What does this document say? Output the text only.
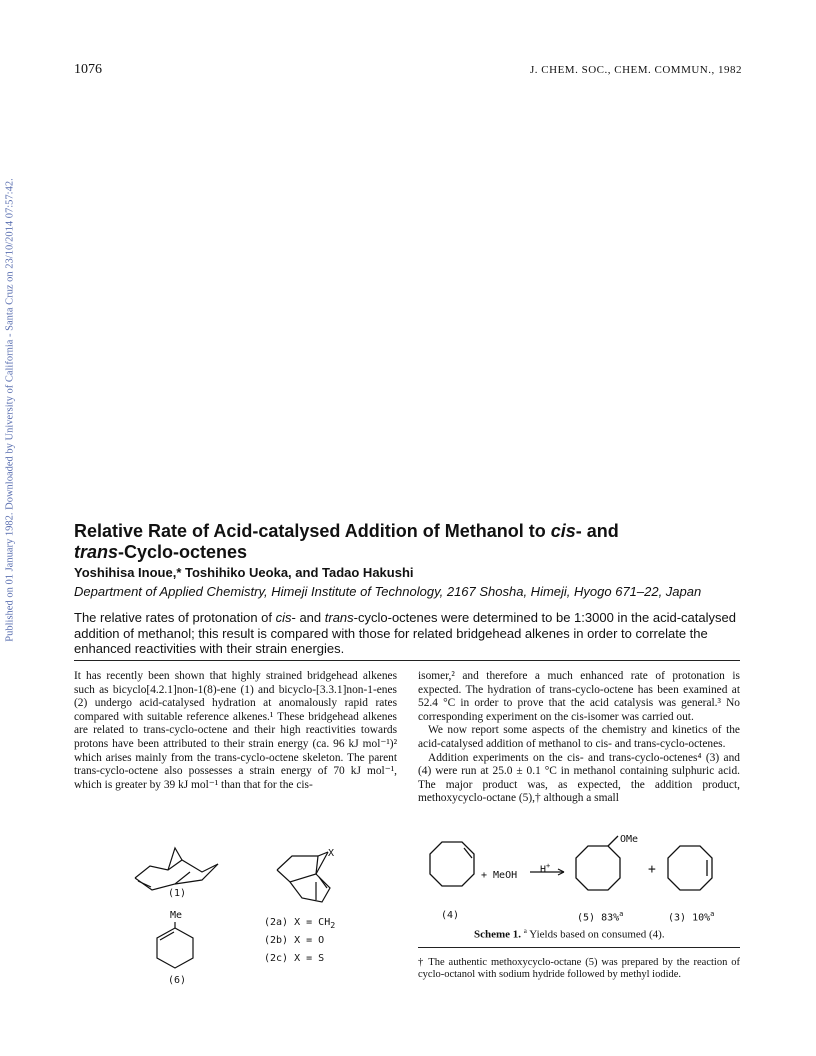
1076	J. CHEM. SOC., CHEM. COMMUN., 1982
Published on 01 January 1982. Downloaded by University of California - Santa Cruz on 23/10/2014 07:57:42.	Relative Rate of Acid-catalysed Addition of Methanol to cis- and
trans-Cyclo-octenes
Yoshihisa Inoue,* Toshihiko Ueoka, and Tadao Hakushi
Department of Applied Chemistry, Himeji Institute of Technology, 2167 Shosha, Himeji, Hyogo 671–22, Japan
The relative rates of protonation of cis- and trans-cyclo-octenes were determined to be 1:3000 in the acid-catalysed addition of methanol; this result is compared with those for related bridgehead alkenes in order to correlate the enhanced reactivities with their strain energies.

It has recently been shown that highly strained bridgehead alkenes such as bicyclo[4.2.1]non-1(8)-ene (1) and bicyclo-[3.3.1]non-1-enes (2) undergo acid-catalysed hydration at anomalously rapid rates compared with suitable reference alkenes.¹ These bridgehead alkenes are related to trans-cyclo-octene and their high reactivities towards protons have been attributed to their strain energy (ca. 96 kJ mol⁻¹)² which arises mainly from the trans-cyclo-octene skeleton. The parent trans-cyclo-octene also possesses a strain energy of 70 kJ mol⁻¹, which is greater by 39 kJ mol⁻¹ than that for the cis-

isomer,² and therefore a much enhanced rate of protonation is expected. The hydration of trans-cyclo-octene has been examined at 52.4 °C in order to prove that the acid catalysis was general.³ No corresponding experiment on the cis-isomer was carried out.

We now report some aspects of the chemistry and kinetics of the acid-catalysed addition of methanol to cis- and trans-cyclo-octenes.

Addition experiments on the cis- and trans-cyclo-octenes⁴ (3) and (4) were run at 25.0 ± 0.1 °C in methanol containing sulphuric acid. The major product was, as expected, the addition product, methoxycyclo-octane (5),† although a small

(1)
Me
(6)
X
(2a) $X = CH_2$
(2b) X = O
(2c) X = S
+ MeOH
H+
OMe
+
(4)	(5) 83%$^a$	(3) 10%$^a$
Scheme 1. $^a$ Yields based on consumed (4).
† The authentic methoxycyclo-octane (5) was prepared by the reaction of cyclo-octanol with sodium hydride followed by methyl iodide.
